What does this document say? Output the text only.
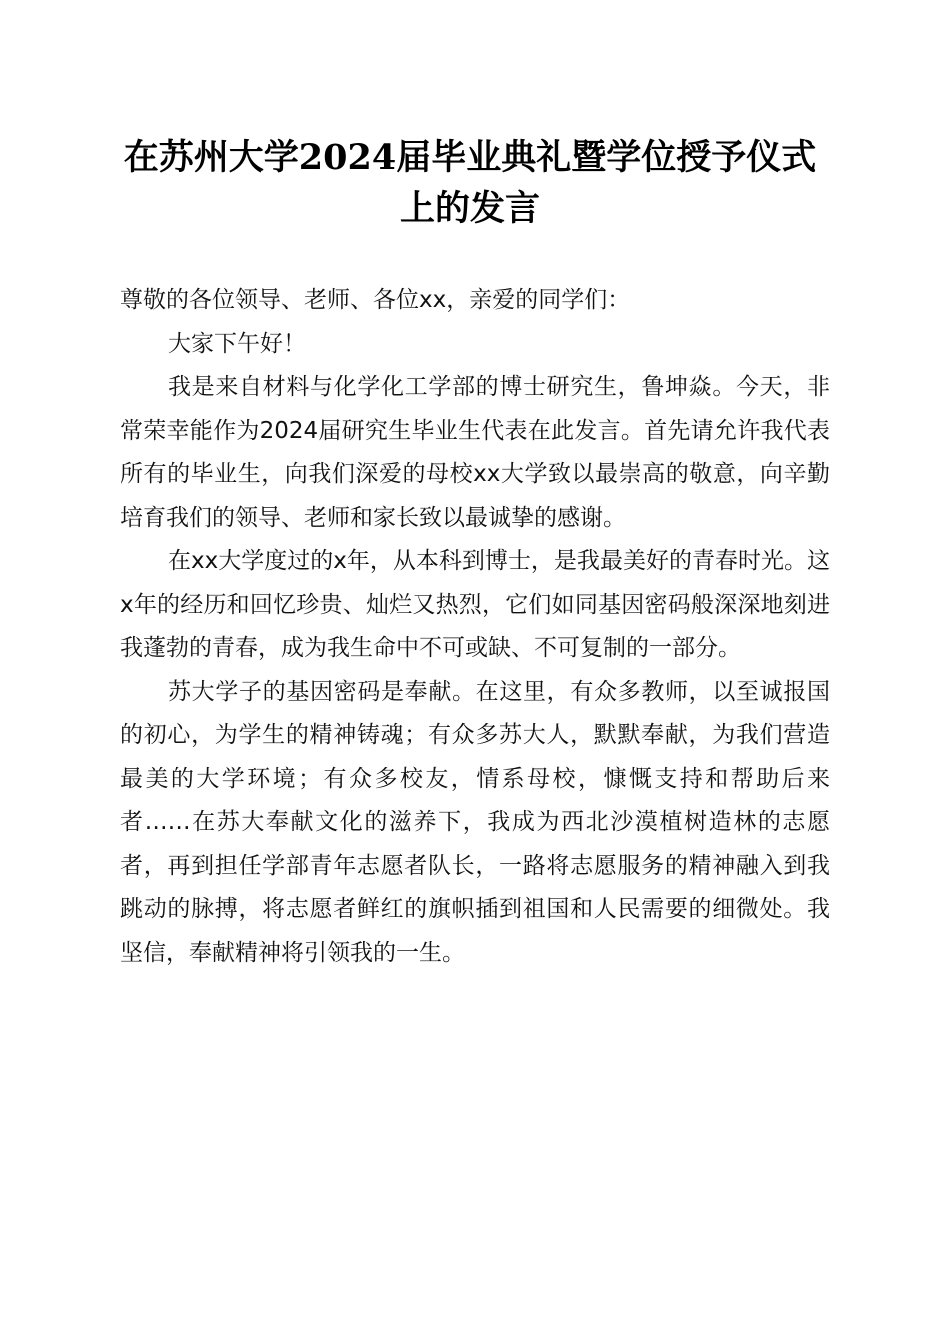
在苏州大学2024届毕业典礼暨学位授予仪式
上的发言

尊敬的各位领导、老师、各位xx，亲爱的同学们：

大家下午好！

我是来自材料与化学化工学部的博士研究生，鲁坤焱。今天，非常荣幸能作为2024届研究生毕业生代表在此发言。首先请允许我代表所有的毕业生，向我们深爱的母校xx大学致以最崇高的敬意，向辛勤培育我们的领导、老师和家长致以最诚挚的感谢。

在xx大学度过的x年，从本科到博士，是我最美好的青春时光。这x年的经历和回忆珍贵、灿烂又热烈，它们如同基因密码般深深地刻进我蓬勃的青春，成为我生命中不可或缺、不可复制的一部分。

苏大学子的基因密码是奉献。在这里，有众多教师，以至诚报国的初心，为学生的精神铸魂；有众多苏大人，默默奉献，为我们营造最美的大学环境；有众多校友，情系母校，慷慨支持和帮助后来者……在苏大奉献文化的滋养下，我成为西北沙漠植树造林的志愿者，再到担任学部青年志愿者队长，一路将志愿服务的精神融入到我跳动的脉搏，将志愿者鲜红的旗帜插到祖国和人民需要的细微处。我坚信，奉献精神将引领我的一生。
